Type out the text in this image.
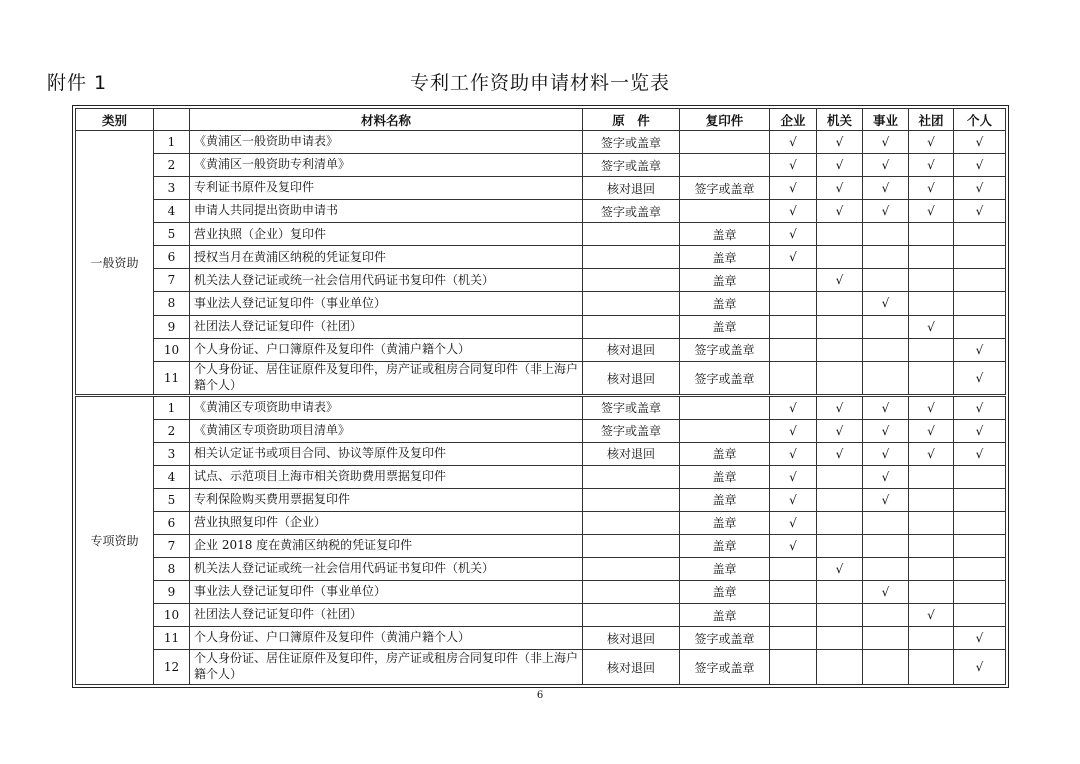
附件 1	专利工作资助申请材料一览表
类别		材料名称	原　件	复印件	企业	机关	事业	社团	个人
一般资助	1	《黄浦区一般资助申请表》	签字或盖章		√	√	√	√	√
	2	《黄浦区一般资助专利清单》	签字或盖章		√	√	√	√	√
	3	专利证书原件及复印件	核对退回	签字或盖章	√	√	√	√	√
	4	申请人共同提出资助申请书	签字或盖章		√	√	√	√	√
	5	营业执照（企业）复印件		盖章	√				
	6	授权当月在黄浦区纳税的凭证复印件		盖章	√				
	7	机关法人登记证或统一社会信用代码证书复印件（机关）		盖章		√			
	8	事业法人登记证复印件（事业单位）		盖章			√		
	9	社团法人登记证复印件（社团）		盖章				√	
	10	个人身份证、户口簿原件及复印件（黄浦户籍个人）	核对退回	签字或盖章					√
	11	个人身份证、居住证原件及复印件，房产证或租房合同复印件（非上海户籍个人）	核对退回	签字或盖章					√
专项资助	1	《黄浦区专项资助申请表》	签字或盖章		√	√	√	√	√
	2	《黄浦区专项资助项目清单》	签字或盖章		√	√	√	√	√
	3	相关认定证书或项目合同、协议等原件及复印件	核对退回	盖章	√	√	√	√	√
	4	试点、示范项目上海市相关资助费用票据复印件		盖章	√		√		
	5	专利保险购买费用票据复印件		盖章	√		√		
	6	营业执照复印件（企业）		盖章	√				
	7	企业 2018 度在黄浦区纳税的凭证复印件		盖章	√				
	8	机关法人登记证或统一社会信用代码证书复印件（机关）		盖章		√			
	9	事业法人登记证复印件（事业单位）		盖章			√		
	10	社团法人登记证复印件（社团）		盖章				√	
	11	个人身份证、户口簿原件及复印件（黄浦户籍个人）	核对退回	签字或盖章					√
	12	个人身份证、居住证原件及复印件，房产证或租房合同复印件（非上海户籍个人）	核对退回	签字或盖章					√
6
